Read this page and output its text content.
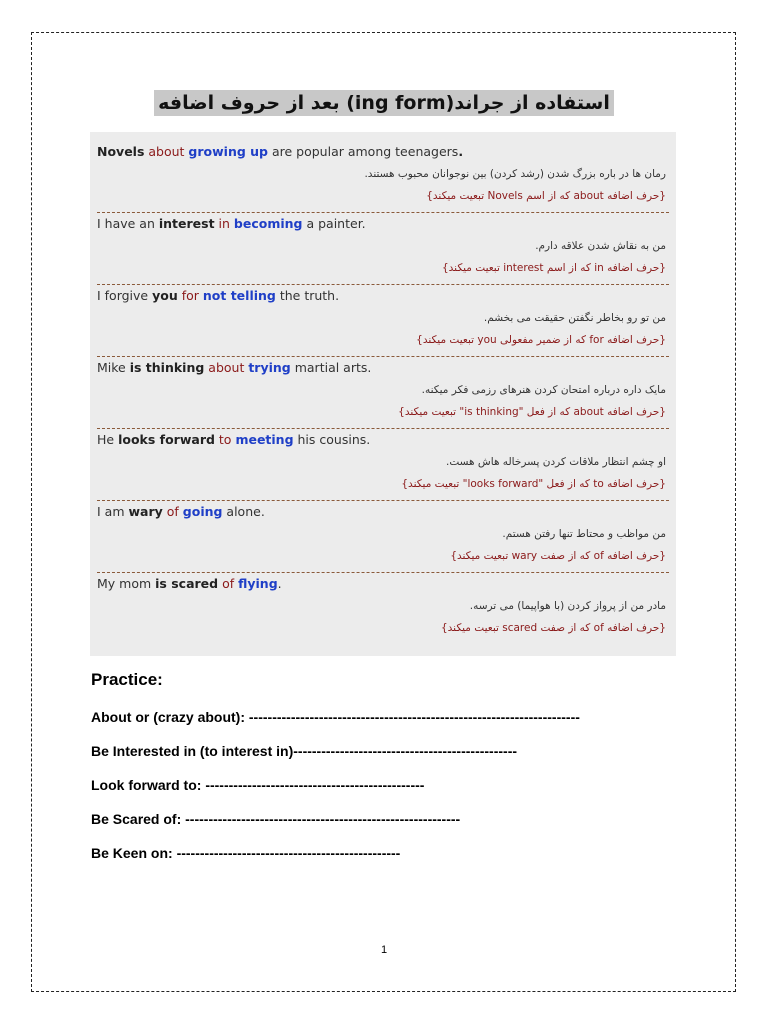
استفاده از جراند(ing form) بعد از حروف اضافه
Novels about growing up are popular among teenagers.
رمان ها در باره بزرگ شدن (رشد کردن) بین نوجوانان محبوب هستند.
{حرف اضافه about که از اسم Novels تبعیت میکند}
I have an interest in becoming a painter.
من به نقاش شدن علاقه دارم.
{حرف اضافه in که از اسم interest تبعیت میکند}
I forgive you for not telling the truth.
من تو رو بخاطر نگفتن حقیقت می بخشم.
{حرف اضافه for که از ضمیر مفعولی you تبعیت میکند}
Mike is thinking about trying martial arts.
مایک داره درباره امتحان کردن هنرهای رزمی فکر میکنه.
{حرف اضافه about که از فعل "is thinking" تبعیت میکند}
He looks forward to meeting his cousins.
او چشم انتظار ملاقات کردن پسرخاله هاش هست.
{حرف اضافه to که از فعل "looks forward" تبعیت میکند}
I am wary of going alone.
من مواظب و محتاط تنها رفتن هستم.
{حرف اضافه of که از صفت wary تبعیت میکند}
My mom is scared of flying.
مادر من از پرواز کردن (با هواپیما) می ترسه.
{حرف اضافه of که از صفت scared تبعیت میکند}
Practice:
About or (crazy about): -----------------------------------------------------------------------
Be Interested in (to interest in)------------------------------------------------
Look forward to: -----------------------------------------------
Be Scared of: -----------------------------------------------------------
Be Keen on: ------------------------------------------------
1
